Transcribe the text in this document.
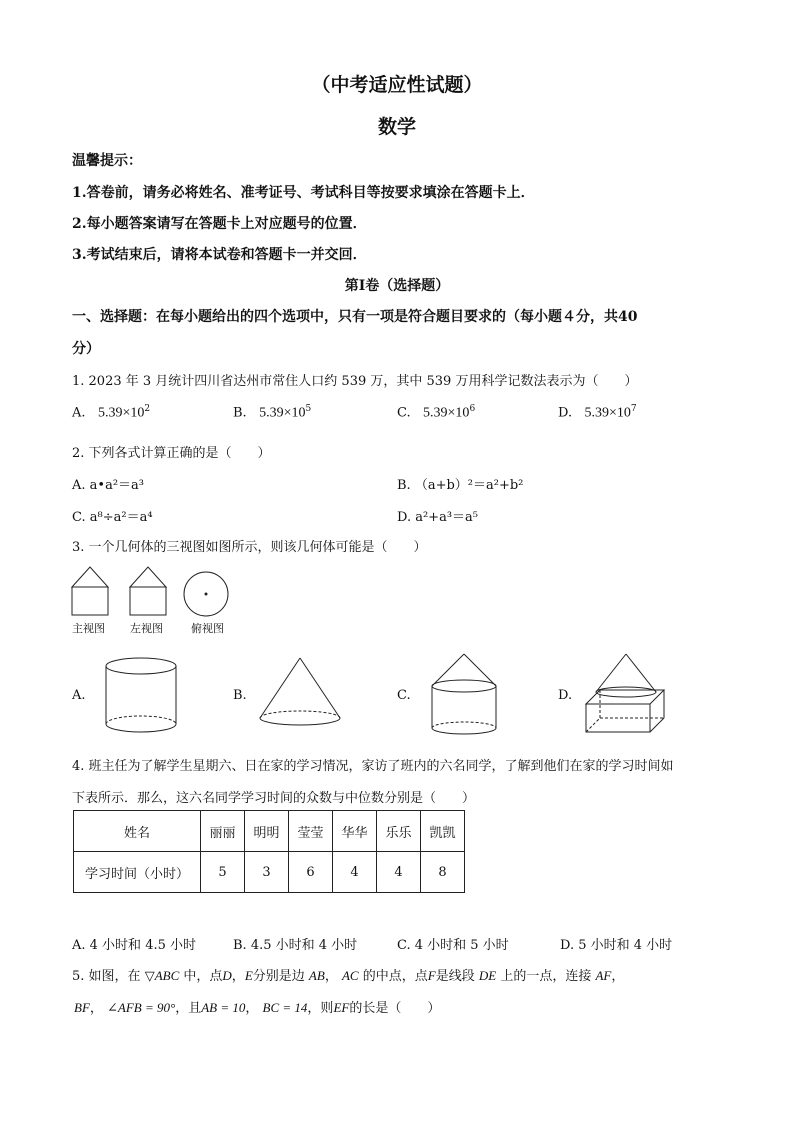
（中考适应性试题）
数学
温馨提示：
1.答卷前，请务必将姓名、准考证号、考试科目等按要求填涂在答题卡上．
2.每小题答案请写在答题卡上对应题号的位置．
3.考试结束后，请将本试卷和答题卡一并交回．
第Ⅰ卷（选择题）
一、选择题：在每小题给出的四个选项中，只有一项是符合题目要求的（每小题４分，共40
分）
1. 2023 年 3 月统计四川省达州市常住人口约 539 万，其中 539 万用科学记数法表示为（　　）
A. $5.39\times 10^2$	B. $5.39\times 10^5$	C. $5.39\times 10^6$	D. $5.39\times 10^7$
2. 下列各式计算正确的是（　　）
A. a•a²＝a³	B. （a+b）²＝a²+b²
C. a⁸÷a²＝a⁴	D. a²+a³＝a⁵
3. 一个几何体的三视图如图所示，则该几何体可能是（　　）
主视图 左视图	俯视图
A.	B.	C.	D.
4. 班主任为了解学生星期六、日在家的学习情况，家访了班内的六名同学，了解到他们在家的学习时间如
下表所示．那么，这六名同学学习时间的众数与中位数分别是（　　）
姓名	丽丽	明明	莹莹	华华	乐乐	凯凯
学习时间（小时）	5	3	6	4	4	8
A. 4 小时和 4.5 小时	B. 4.5 小时和 4 小时	C. 4 小时和 5 小时	D. 5 小时和 4 小时
5. 如图，在 ▽ABC 中，点D，E分别是边 AB， AC 的中点，点F是线段 DE 上的一点，连接 AF，
BF， ∠AFB = 90°，且AB = 10， BC = 14，则EF的长是（　　）
